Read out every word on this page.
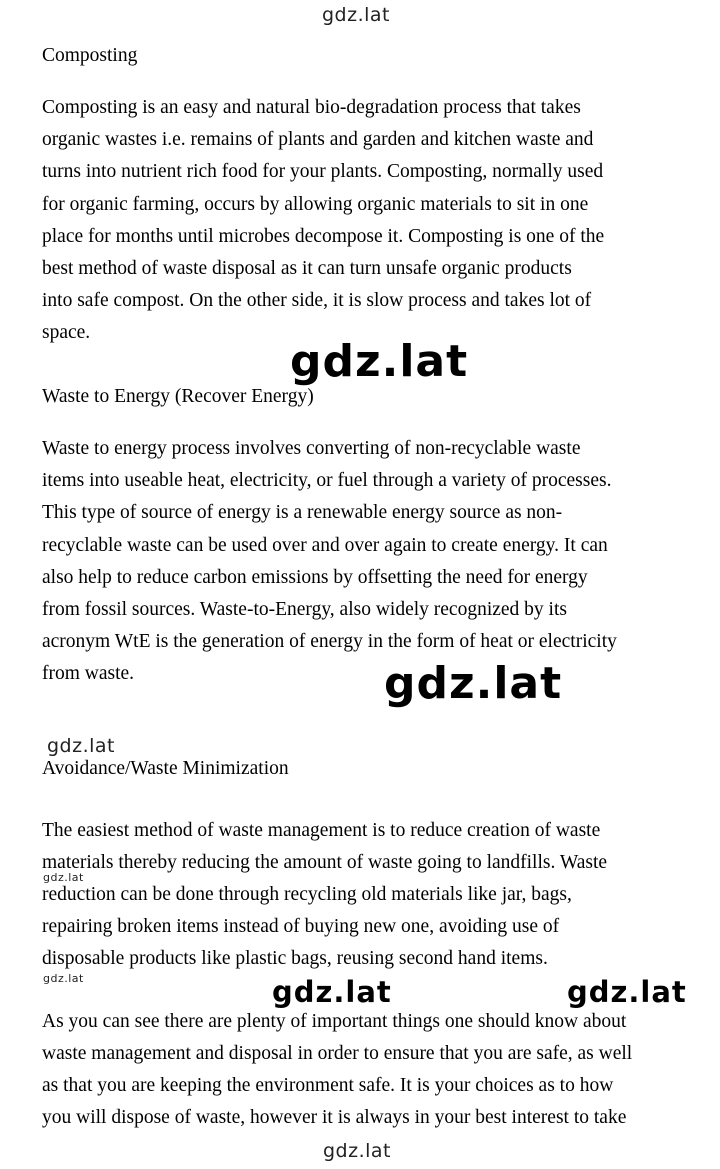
Composting
Composting is an easy and natural bio-degradation process that takes
organic wastes i.e. remains of plants and garden and kitchen waste and
turns into nutrient rich food for your plants. Composting, normally used
for organic farming, occurs by allowing organic materials to sit in one
place for months until microbes decompose it. Composting is one of the
best method of waste disposal as it can turn unsafe organic products
into safe compost. On the other side, it is slow process and takes lot of
space.
Waste to Energy (Recover Energy)
Waste to energy process involves converting of non-recyclable waste
items into useable heat, electricity, or fuel through a variety of processes.
This type of source of energy is a renewable energy source as non-
recyclable waste can be used over and over again to create energy. It can
also help to reduce carbon emissions by offsetting the need for energy
from fossil sources. Waste-to-Energy, also widely recognized by its
acronym WtE is the generation of energy in the form of heat or electricity
from waste.
Avoidance/Waste Minimization
The easiest method of waste management is to reduce creation of waste
materials thereby reducing the amount of waste going to landfills. Waste
reduction can be done through recycling old materials like jar, bags,
repairing broken items instead of buying new one, avoiding use of
disposable products like plastic bags, reusing second hand items.
As you can see there are plenty of important things one should know about
waste management and disposal in order to ensure that you are safe, as well
as that you are keeping the environment safe. It is your choices as to how
you will dispose of waste, however it is always in your best interest to take
gdz.lat
gdz.lat
gdz.lat
gdz.lat
gdz.lat
gdz.lat	gdz.lat	gdz.lat
gdz.lat
